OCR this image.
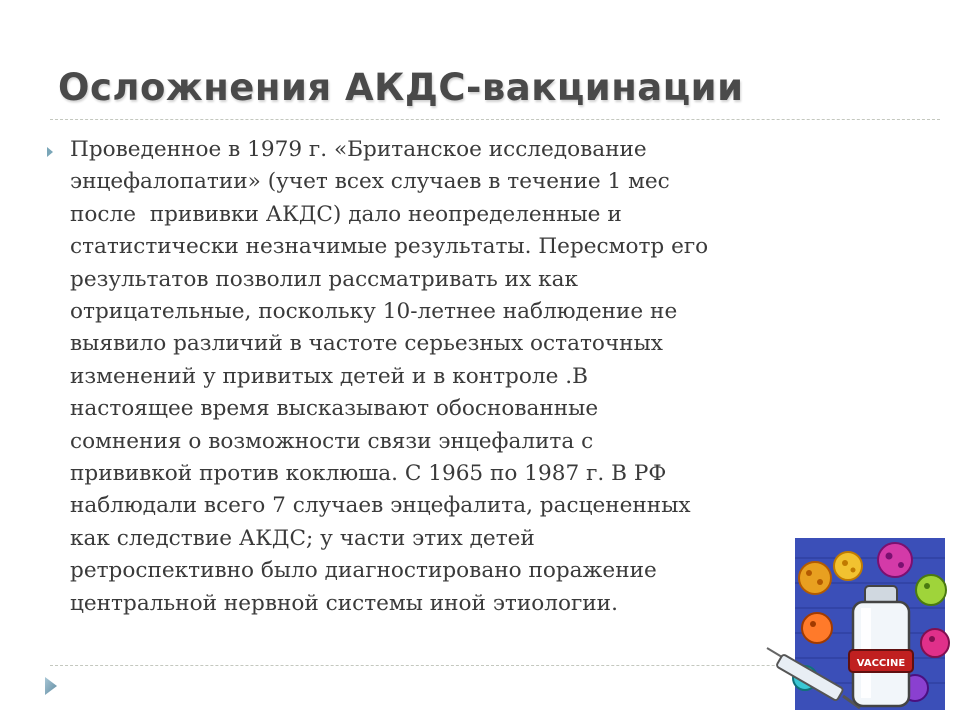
Осложнения АКДС-вакцинации

Проведенное в 1979 г. «Британское исследование
энцефалопатии» (учет всех случаев в течение 1 мес
после  прививки АКДС) дало неопределенные и
статистически незначимые результаты. Пересмотр его
результатов позволил рассматривать их как
отрицательные, поскольку 10-летнее наблюдение не
выявило различий в частоте серьезных остаточных
изменений у привитых детей и в контроле .В
настоящее время высказывают обоснованные
сомнения о возможности связи энцефалита с
прививкой против коклюша. С 1965 по 1987 г. В РФ
наблюдали всего 7 случаев энцефалита, расцененных
как следствие АКДС; у части этих детей
ретроспективно было диагностировано поражение
центральной нервной системы иной этиологии.

VACCINE
